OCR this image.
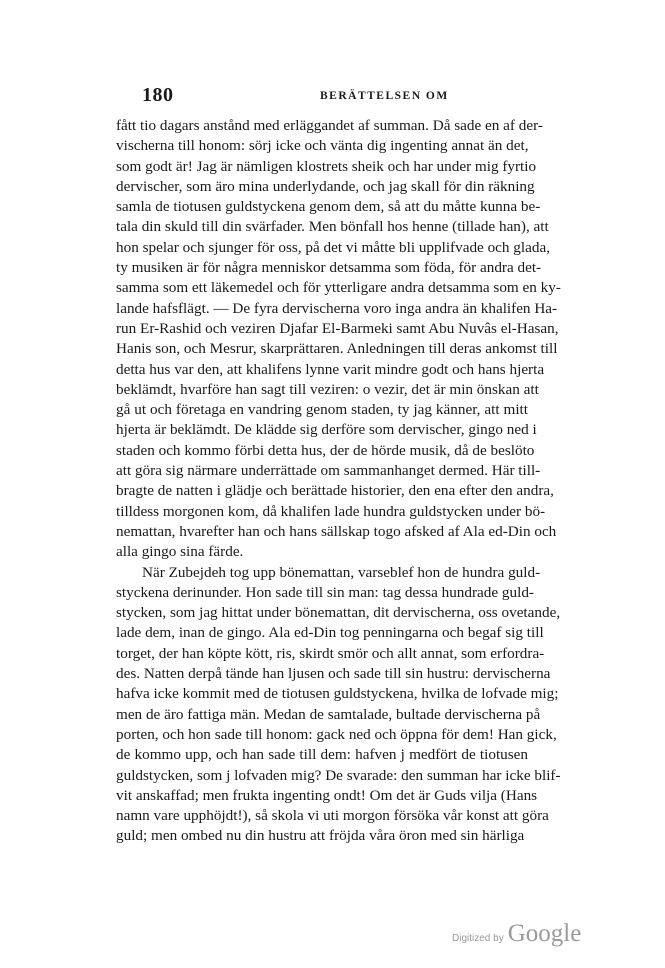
180	BERÄTTELSEN OM
fått tio dagars anstånd med erläggandet af summan. Då sade en af der-
vischerna till honom: sörj icke och vänta dig ingenting annat än det,
som godt är! Jag är nämligen klostrets sheik och har under mig fyrtio
dervischer, som äro mina underlydande, och jag skall för din räkning
samla de tiotusen guldstyckena genom dem, så att du måtte kunna be-
tala din skuld till din svärfader. Men bönfall hos henne (tillade han), att
hon spelar och sjunger för oss, på det vi måtte bli upplifvade och glada,
ty musiken är för några menniskor detsamma som föda, för andra det-
samma som ett läkemedel och för ytterligare andra detsamma som en ky-
lande hafsflägt. — De fyra dervischerna voro inga andra än khalifen Ha-
run Er-Rashid och veziren Djafar El-Barmeki samt Abu Nuvâs el-Hasan,
Hanis son, och Mesrur, skarprättaren. Anledningen till deras ankomst till
detta hus var den, att khalifens lynne varit mindre godt och hans hjerta
beklämdt, hvarföre han sagt till veziren: o vezir, det är min önskan att
gå ut och företaga en vandring genom staden, ty jag känner, att mitt
hjerta är beklämdt. De klädde sig derföre som dervischer, gingo ned i
staden och kommo förbi detta hus, der de hörde musik, då de beslöto
att göra sig närmare underrättade om sammanhanget dermed. Här till-
bragte de natten i glädje och berättade historier, den ena efter den andra,
tilldess morgonen kom, då khalifen lade hundra guldstycken under bö-
nemattan, hvarefter han och hans sällskap togo afsked af Ala ed-Din och
alla gingo sina färde.
När Zubejdeh tog upp bönemattan, varseblef hon de hundra guld-
styckena derinunder. Hon sade till sin man: tag dessa hundrade guld-
stycken, som jag hittat under bönemattan, dit dervischerna, oss ovetande,
lade dem, inan de gingo. Ala ed-Din tog penningarna och begaf sig till
torget, der han köpte kött, ris, skirdt smör och allt annat, som erfordra-
des. Natten derpå tände han ljusen och sade till sin hustru: dervischerna
hafva icke kommit med de tiotusen guldstyckena, hvilka de lofvade mig;
men de äro fattiga män. Medan de samtalade, bultade dervischerna på
porten, och hon sade till honom: gack ned och öppna för dem! Han gick,
de kommo upp, och han sade till dem: hafven j medfört de tiotusen
guldstycken, som j lofvaden mig? De svarade: den summan har icke blif-
vit anskaffad; men frukta ingenting ondt! Om det är Guds vilja (Hans
namn vare upphöjdt!), så skola vi uti morgon försöka vår konst att göra
guld; men ombed nu din hustru att fröjda våra öron med sin härliga
Digitized by Google
